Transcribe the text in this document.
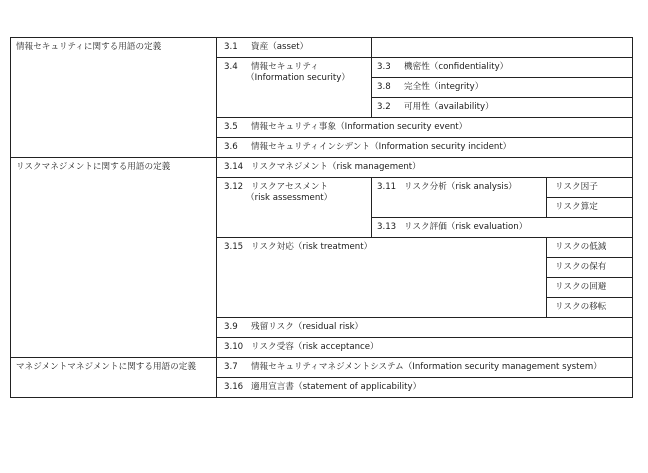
情報セキュリティに関する用語の定義
リスクマネジメントに関する用語の定義
マネジメントマネジメントに関する用語の定義
3.1 資産（asset）
3.4 情報セキュリティ
（Information security）
3.3 機密性（confidentiality）
3.8 完全性（integrity）
3.2 可用性（availability）
3.5 情報セキュリティ事象（Information security event）
3.6 情報セキュリティインシデント（Information security incident）
3.14 リスクマネジメント（risk management）
3.12 リスクアセスメント
（risk assessment）
3.11 リスク分析（risk analysis）	リスク因子
リスク算定
3.13 リスク評価（risk evaluation）
3.15 リスク対応（risk treatment）	リスクの低減
リスクの保有
リスクの回避
リスクの移転
3.9 残留リスク（residual risk）
3.10 リスク受容（risk acceptance）
3.7 情報セキュリティマネジメントシステム（Information security management system）
3.16 適用宣言書（statement of applicability）
